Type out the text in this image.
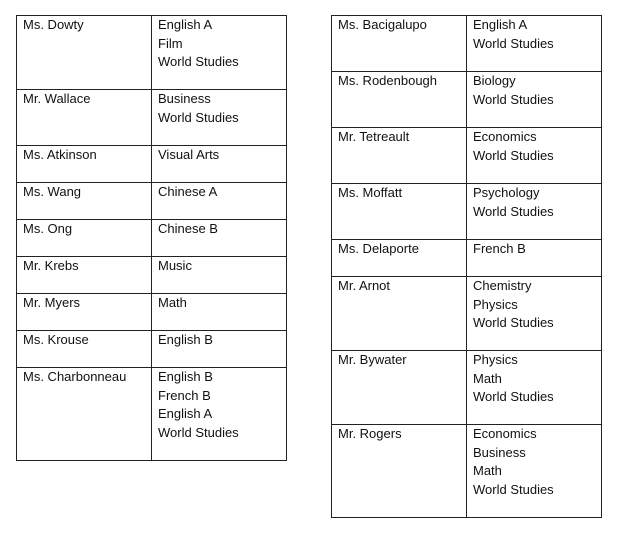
Ms. Dowty	English A
Film
World Studies

Mr. Wallace	Business
World Studies

Ms. Atkinson	Visual Arts

Ms. Wang	Chinese A

Ms. Ong	Chinese B

Mr. Krebs	Music

Mr. Myers	Math

Ms. Krouse	English B

Ms. Charbonneau	English B
French B
English A
World Studies
Ms. Bacigalupo	English A
World Studies

Ms. Rodenbough	Biology
World Studies

Mr. Tetreault	Economics
World Studies

Ms. Moffatt	Psychology
World Studies

Ms. Delaporte	French B

Mr. Arnot	Chemistry
Physics
World Studies

Mr. Bywater	Physics
Math
World Studies

Mr. Rogers	Economics
Business
Math
World Studies
